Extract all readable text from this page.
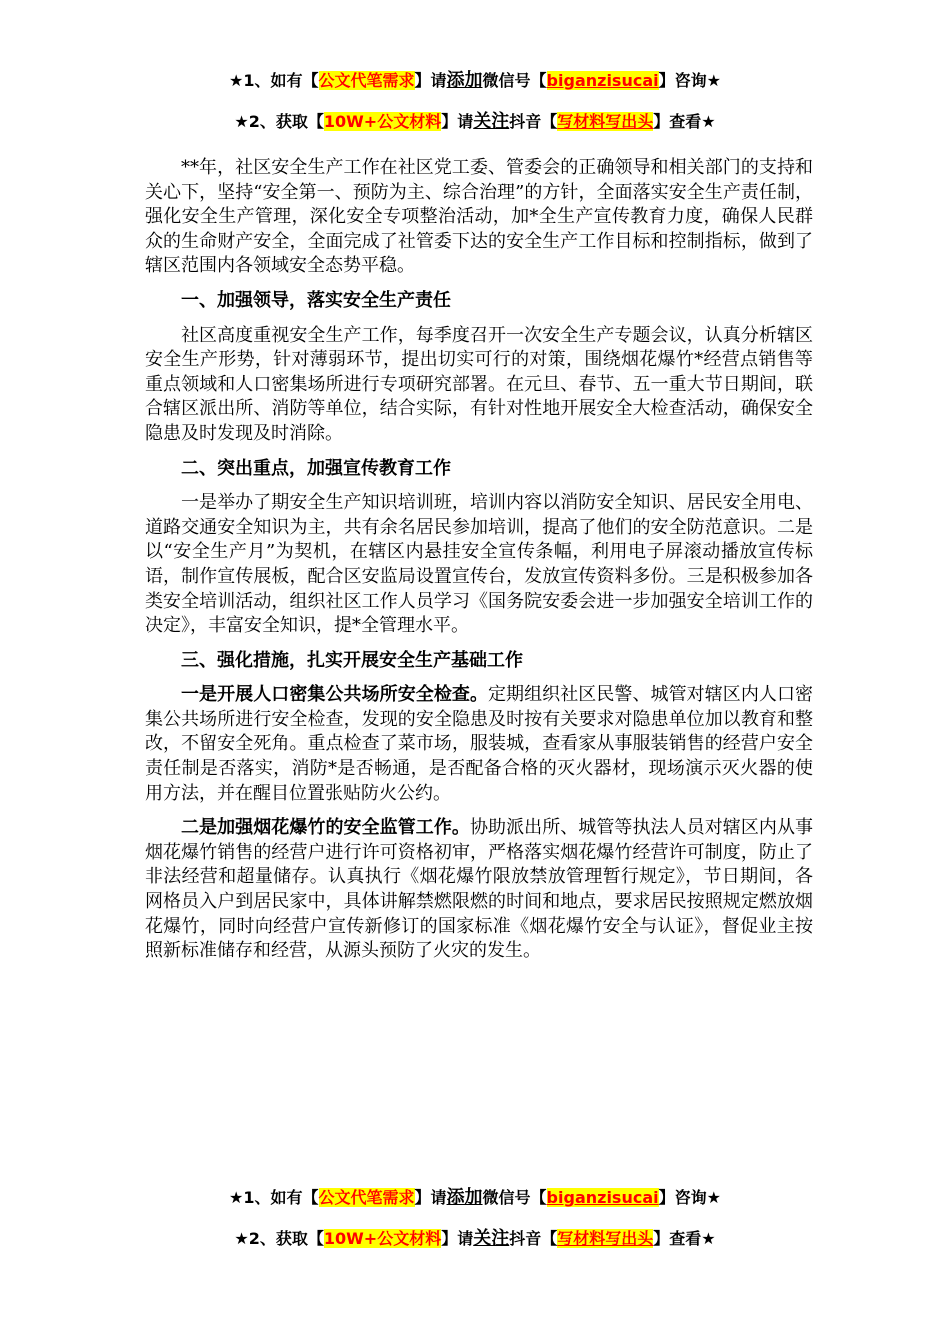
★1、如有【公文代笔需求】请添加微信号【biganzisucai】咨询★
★2、获取【10W+公文材料】请关注抖音【写材料写出头】查看★

**年，社区安全生产工作在社区党工委、管委会的正确领导和相关部门的支持和关心下，坚持“安全第一、预防为主、综合治理”的方针，全面落实安全生产责任制，强化安全生产管理，深化安全专项整治活动，加*全生产宣传教育力度，确保人民群众的生命财产安全，全面完成了社管委下达的安全生产工作目标和控制指标，做到了辖区范围内各领域安全态势平稳。

一、加强领导，落实安全生产责任

社区高度重视安全生产工作，每季度召开一次安全生产专题会议，认真分析辖区安全生产形势，针对薄弱环节，提出切实可行的对策，围绕烟花爆竹*经营点销售等重点领域和人口密集场所进行专项研究部署。在元旦、春节、五一重大节日期间，联合辖区派出所、消防等单位，结合实际，有针对性地开展安全大检查活动，确保安全隐患及时发现及时消除。

二、突出重点，加强宣传教育工作

一是举办了期安全生产知识培训班，培训内容以消防安全知识、居民安全用电、道路交通安全知识为主，共有余名居民参加培训，提高了他们的安全防范意识。二是以“安全生产月”为契机，在辖区内悬挂安全宣传条幅，利用电子屏滚动播放宣传标语，制作宣传展板，配合区安监局设置宣传台，发放宣传资料多份。三是积极参加各类安全培训活动，组织社区工作人员学习《国务院安委会进一步加强安全培训工作的决定》，丰富安全知识，提*全管理水平。

三、强化措施，扎实开展安全生产基础工作

一是开展人口密集公共场所安全检查。定期组织社区民警、城管对辖区内人口密集公共场所进行安全检查，发现的安全隐患及时按有关要求对隐患单位加以教育和整改，不留安全死角。重点检查了菜市场，服装城，查看家从事服装销售的经营户安全责任制是否落实，消防*是否畅通，是否配备合格的灭火器材，现场演示灭火器的使用方法，并在醒目位置张贴防火公约。

二是加强烟花爆竹的安全监管工作。协助派出所、城管等执法人员对辖区内从事烟花爆竹销售的经营户进行许可资格初审，严格落实烟花爆竹经营许可制度，防止了非法经营和超量储存。认真执行《烟花爆竹限放禁放管理暂行规定》，节日期间，各网格员入户到居民家中，具体讲解禁燃限燃的时间和地点，要求居民按照规定燃放烟花爆竹，同时向经营户宣传新修订的国家标准《烟花爆竹安全与认证》，督促业主按照新标准储存和经营，从源头预防了火灾的发生。

★1、如有【公文代笔需求】请添加微信号【biganzisucai】咨询★
★2、获取【10W+公文材料】请关注抖音【写材料写出头】查看★
